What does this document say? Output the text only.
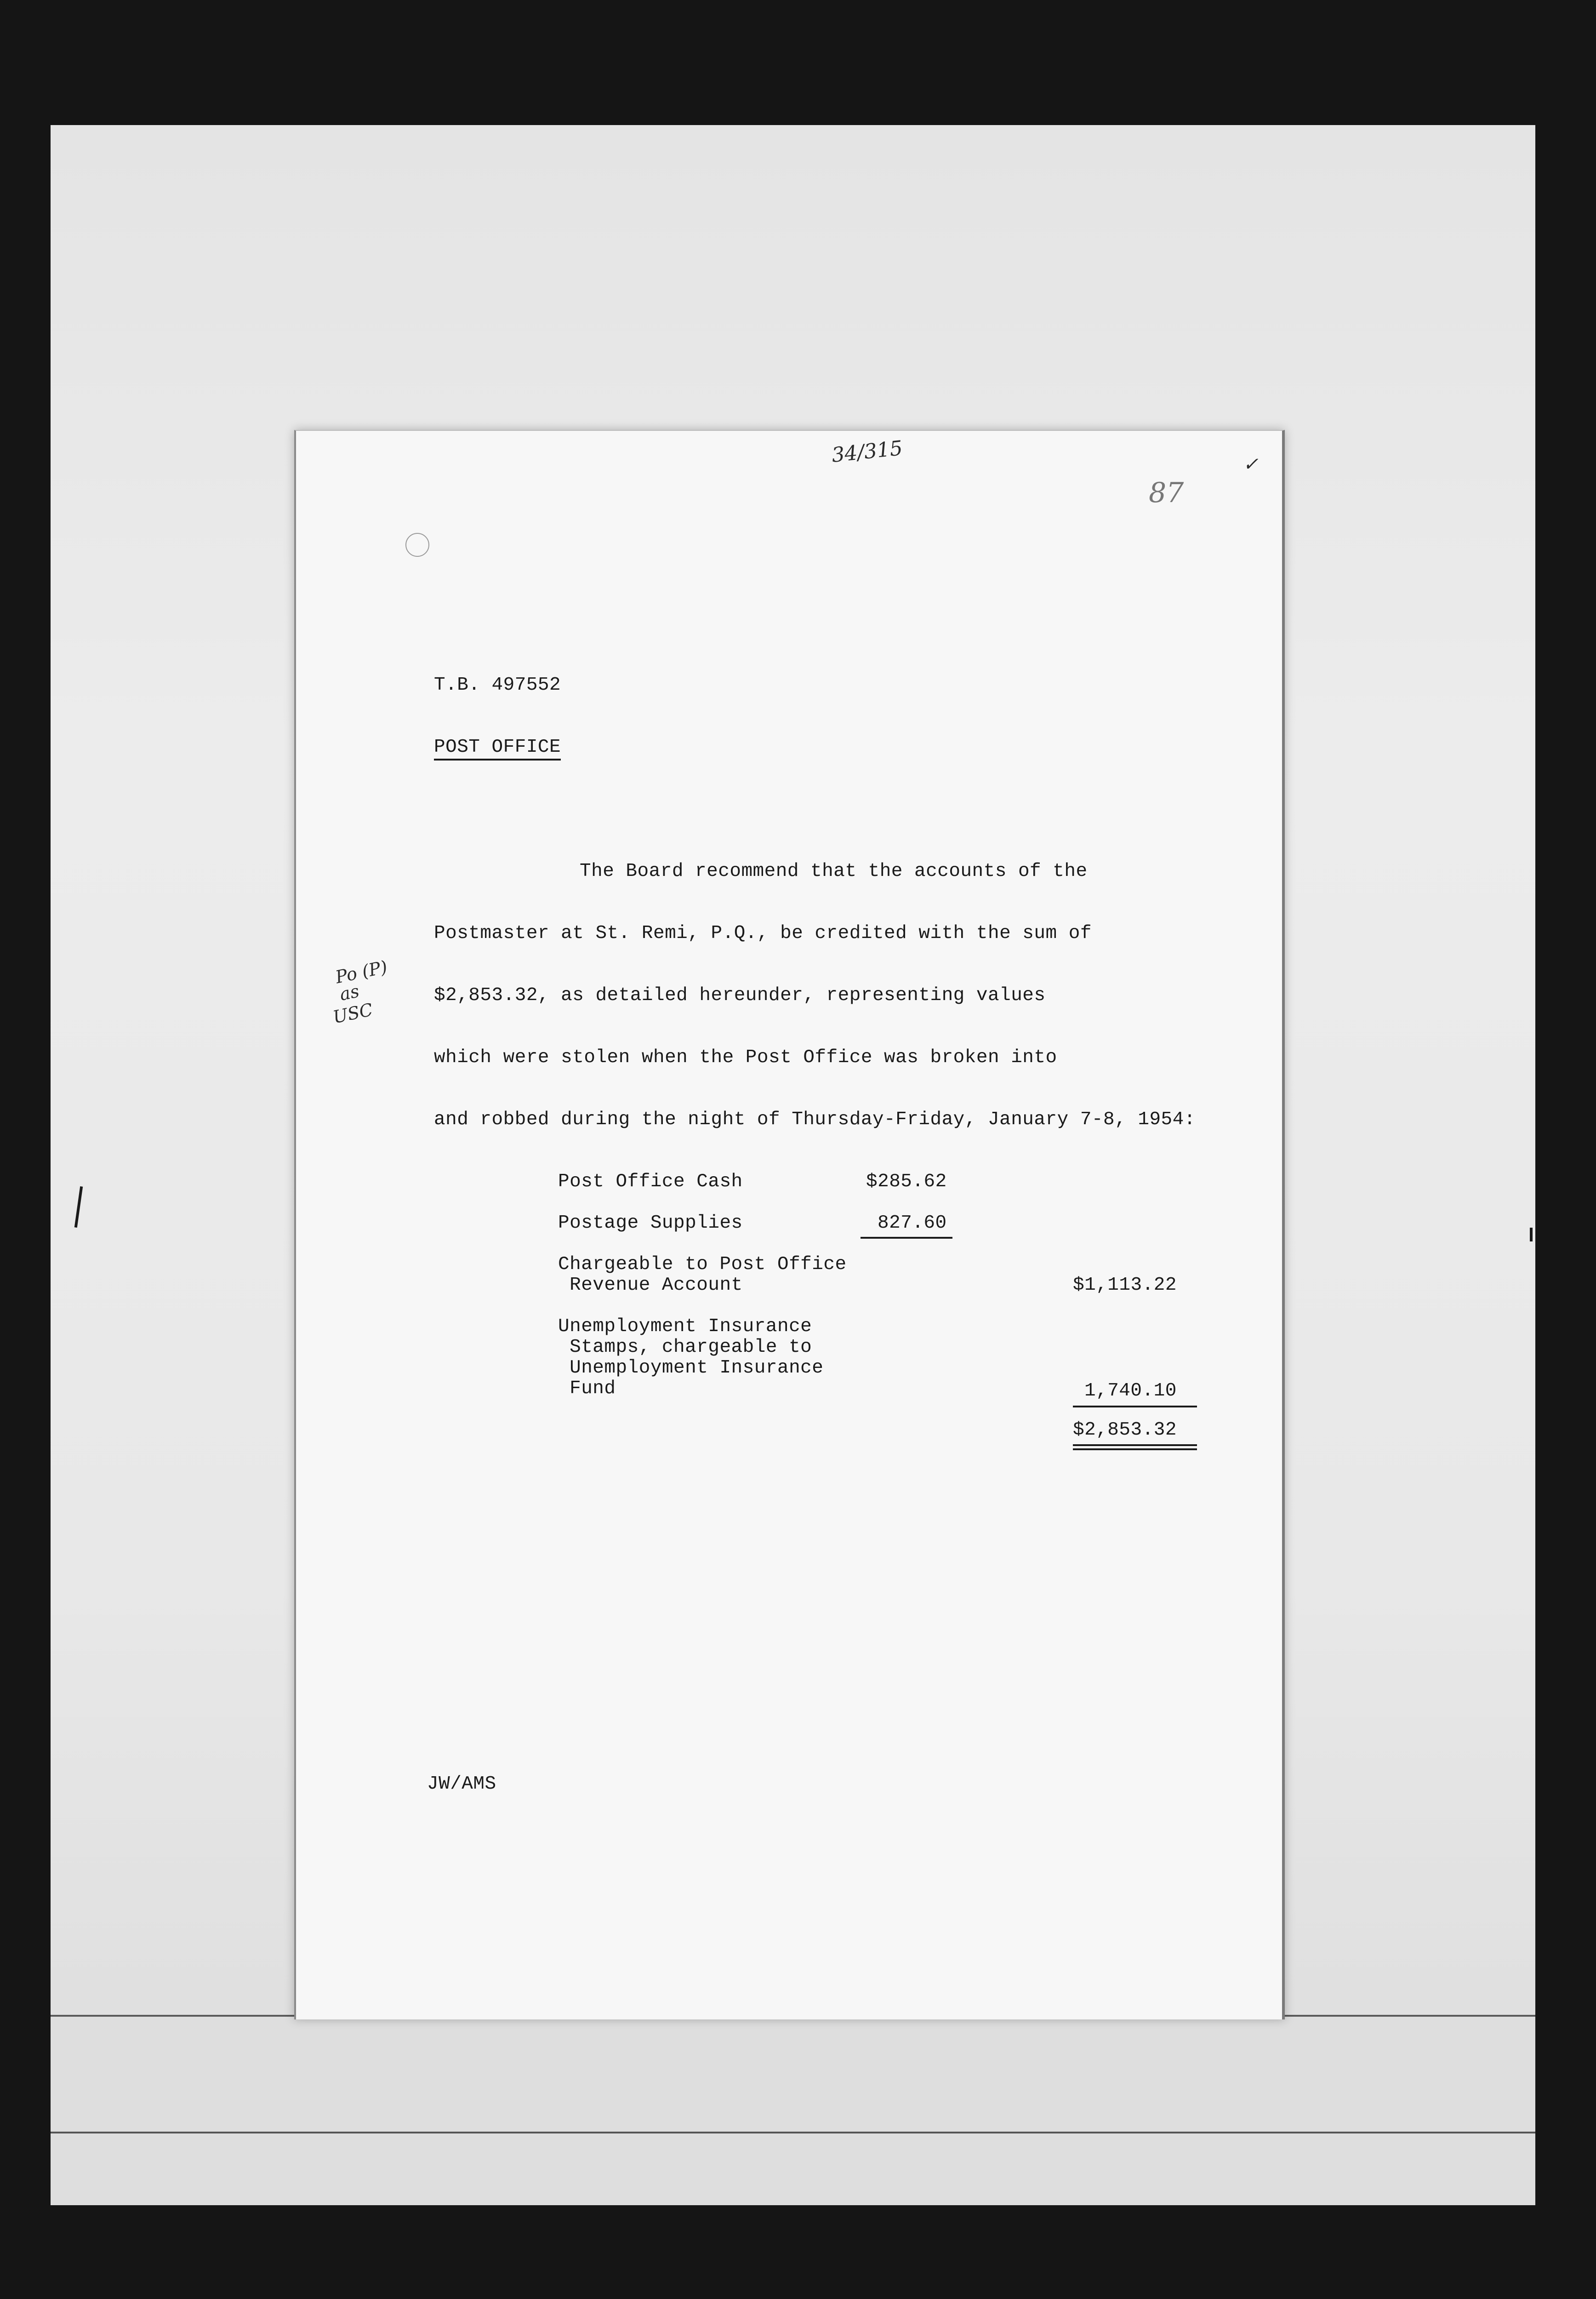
34/315
87
✓
Po (P)
as
USC
T.B. 497552
POST OFFICE
The Board recommend that the accounts of the
Postmaster at St. Remi, P.Q., be credited with the sum of
$2,853.32, as detailed hereunder, representing values
which were stolen when the Post Office was broken into
and robbed during the night of Thursday-Friday, January 7-8, 1954:
Post Office Cash	$285.62
Postage Supplies	827.60
Chargeable to Post Office
Revenue Account	$1,113.22
Unemployment Insurance
Stamps, chargeable to
Unemployment Insurance
Fund	1,740.10
$2,853.32
JW/AMS
